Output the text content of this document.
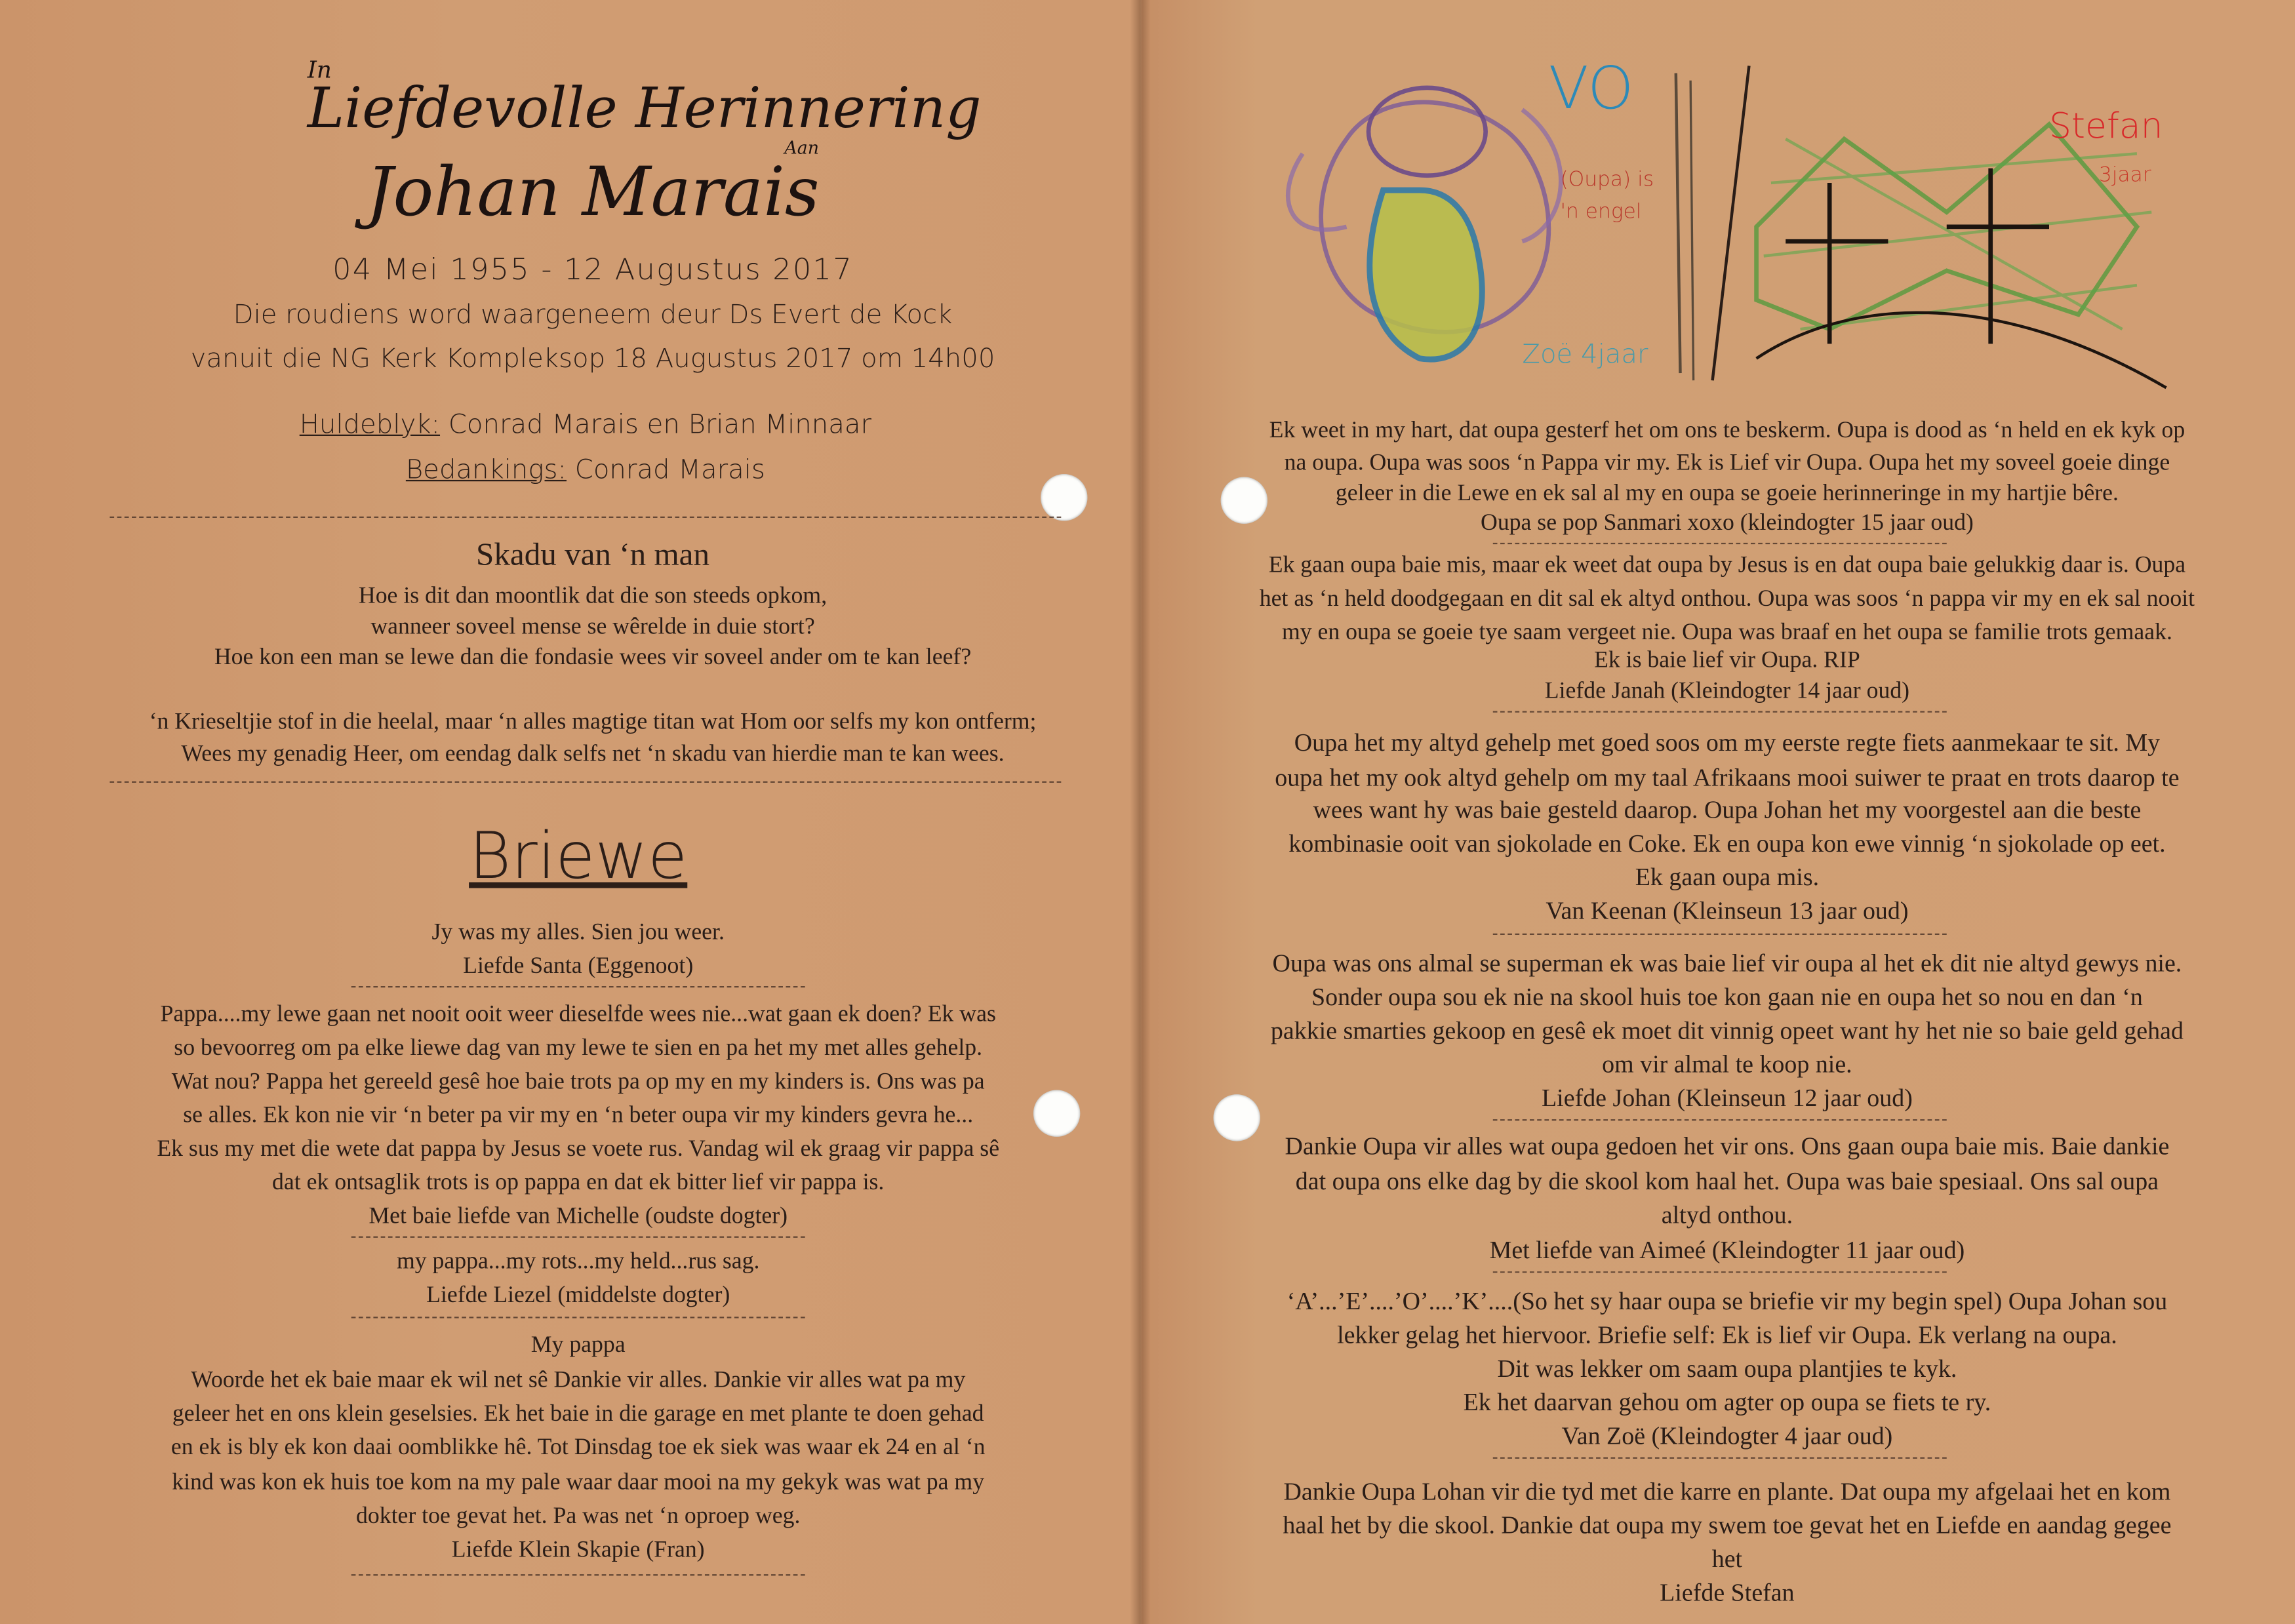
In
Liefdevolle Herinnering
Aan
Johan Marais
04 Mei 1955 - 12 Augustus 2017
Die roudiens word waargeneem deur Ds Evert de Kock
vanuit die NG Kerk Kompleksop 18 Augustus 2017 om 14h00
Huldeblyk: Conrad Marais en Brian Minnaar
Bedankings: Conrad Marais
Skadu van ‘n man
Hoe is dit dan moontlik dat die son steeds opkom,
wanneer soveel mense se wêrelde in duie stort?
Hoe kon een man se lewe dan die fondasie wees vir soveel ander om te kan leef?
‘n Krieseltjie stof in die heelal, maar ‘n alles magtige titan wat Hom oor selfs my kon ontferm;
Wees my genadig Heer, om eendag dalk selfs net ‘n skadu van hierdie man te kan wees.
Briewe
Jy was my alles. Sien jou weer.
Liefde Santa (Eggenoot)
Pappa....my lewe gaan net nooit ooit weer dieselfde wees nie...wat gaan ek doen? Ek was
so bevoorreg om pa elke liewe dag van my lewe te sien en pa het my met alles gehelp.
Wat nou? Pappa het gereeld gesê hoe baie trots pa op my en my kinders is. Ons was pa
se alles. Ek kon nie vir ‘n beter pa vir my en ‘n beter oupa vir my kinders gevra he...
Ek sus my met die wete dat pappa by Jesus se voete rus. Vandag wil ek graag vir pappa sê
dat ek ontsaglik trots is op pappa en dat ek bitter lief vir pappa is.
Met baie liefde van Michelle (oudste dogter)
my pappa...my rots...my held...rus sag.
Liefde Liezel (middelste dogter)
My pappa
Woorde het ek baie maar ek wil net sê Dankie vir alles. Dankie vir alles wat pa my
geleer het en ons klein geselsies. Ek het baie in die garage en met plante te doen gehad
en ek is bly ek kon daai oomblikke hê. Tot Dinsdag toe ek siek was waar ek 24 en al ‘n
kind was kon ek huis toe kom na my pale waar daar mooi na my gekyk was wat pa my
dokter toe gevat het. Pa was net ‘n oproep weg.
Liefde Klein Skapie (Fran)
VO
(Oupa) is 'n engel
Zoë 4jaar
Stefan
3jaar
Ek weet in my hart, dat oupa gesterf het om ons te beskerm. Oupa is dood as ‘n held en ek kyk op
na oupa. Oupa was soos ‘n Pappa vir my. Ek is Lief vir Oupa. Oupa het my soveel goeie dinge
geleer in die Lewe en ek sal al my en oupa se goeie herinneringe in my hartjie bêre.
Oupa se pop Sanmari xoxo (kleindogter 15 jaar oud)
Ek gaan oupa baie mis, maar ek weet dat oupa by Jesus is en dat oupa baie gelukkig daar is. Oupa
het as ‘n held doodgegaan en dit sal ek altyd onthou. Oupa was soos ‘n pappa vir my en ek sal nooit
my en oupa se goeie tye saam vergeet nie. Oupa was braaf en het oupa se familie trots gemaak.
Ek is baie lief vir Oupa. RIP
Liefde Janah (Kleindogter 14 jaar oud)
Oupa het my altyd gehelp met goed soos om my eerste regte fiets aanmekaar te sit. My
oupa het my ook altyd gehelp om my taal Afrikaans mooi suiwer te praat en trots daarop te
wees want hy was baie gesteld daarop. Oupa Johan het my voorgestel aan die beste
kombinasie ooit van sjokolade en Coke. Ek en oupa kon ewe vinnig ‘n sjokolade op eet.
Ek gaan oupa mis.
Van Keenan (Kleinseun 13 jaar oud)
Oupa was ons almal se superman ek was baie lief vir oupa al het ek dit nie altyd gewys nie.
Sonder oupa sou ek nie na skool huis toe kon gaan nie en oupa het so nou en dan ‘n
pakkie smarties gekoop en gesê ek moet dit vinnig opeet want hy het nie so baie geld gehad
om vir almal te koop nie.
Liefde Johan (Kleinseun 12 jaar oud)
Dankie Oupa vir alles wat oupa gedoen het vir ons. Ons gaan oupa baie mis. Baie dankie
dat oupa ons elke dag by die skool kom haal het. Oupa was baie spesiaal. Ons sal oupa
altyd onthou.
Met liefde van Aimeé (Kleindogter 11 jaar oud)
‘A’...’E’....’O’....’K’....(So het sy haar oupa se briefie vir my begin spel) Oupa Johan sou
lekker gelag het hiervoor. Briefie self: Ek is lief vir Oupa. Ek verlang na oupa.
Dit was lekker om saam oupa plantjies te kyk.
Ek het daarvan gehou om agter op oupa se fiets te ry.
Van Zoë (Kleindogter 4 jaar oud)
Dankie Oupa Lohan vir die tyd met die karre en plante. Dat oupa my afgelaai het en kom
haal het by die skool. Dankie dat oupa my swem toe gevat het en Liefde en aandag gegee
het
Liefde Stefan
